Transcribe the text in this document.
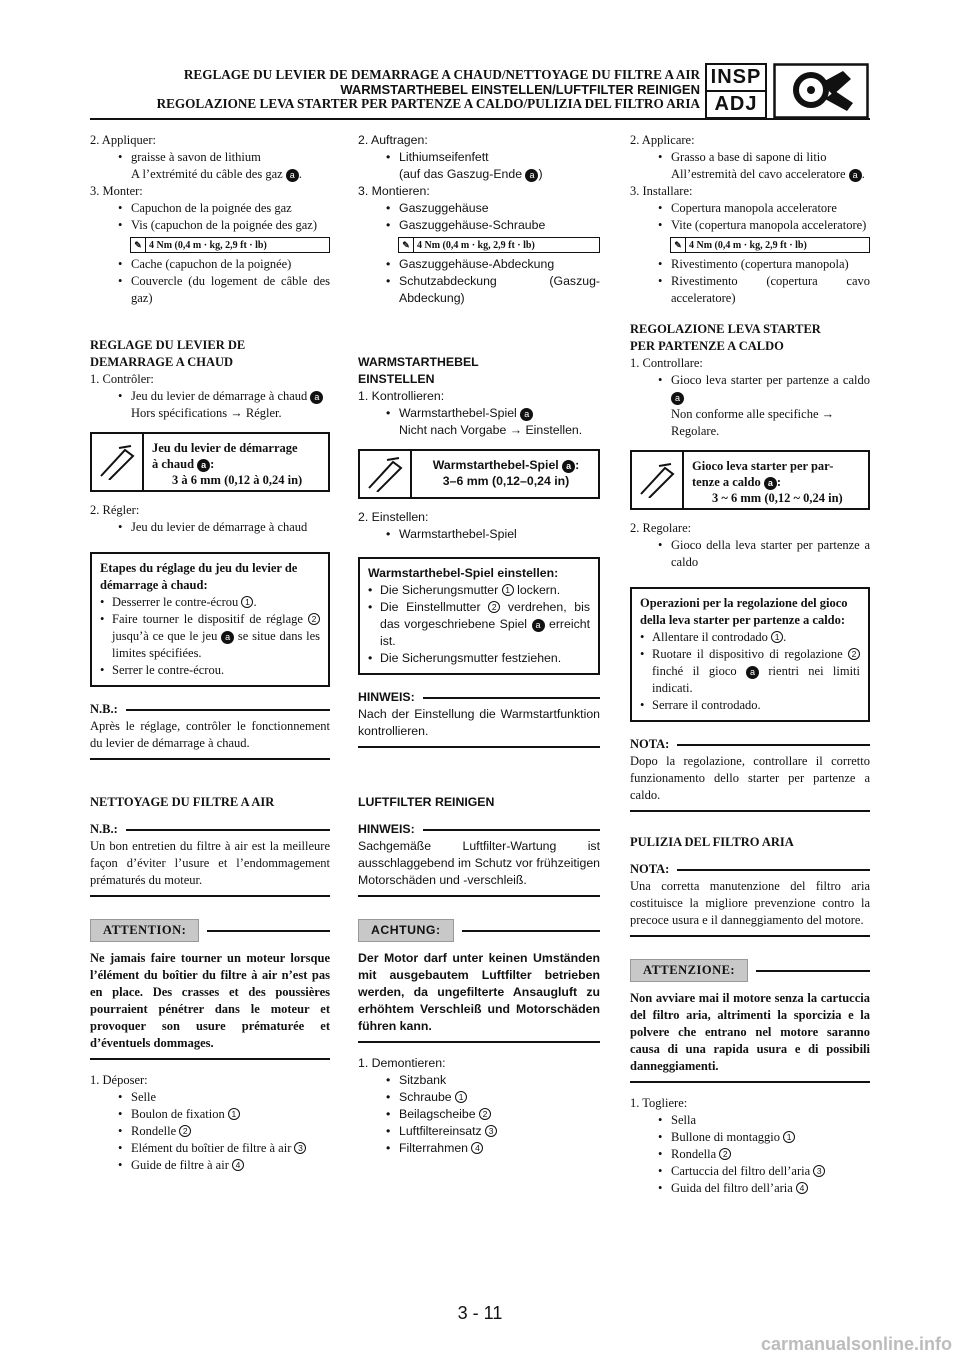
REGLAGE DU LEVIER DE DEMARRAGE A CHAUD/NETTOYAGE DU FILTRE A AIR
WARMSTARTHEBEL EINSTELLEN/LUFTFILTER REINIGEN
REGOLAZIONE LEVA STARTER PER PARTENZE A CALDO/PULIZIA DEL FILTRO ARIA
INSP
ADJ
2. Appliquer:
• graisse à savon de lithium
A l’extrémité du câble des gaz a .
3. Monter:
• Capuchon de la poignée des gaz
• Vis (capuchon de la poignée des gaz)
✎ 4 Nm (0,4 m · kg, 2,9 ft · lb)
• Cache (capuchon de la poignée)
• Couvercle (du logement de câble des gaz)
REGLAGE DU LEVIER DE
DEMARRAGE A CHAUD
1. Contrôler:
• Jeu du levier de démarrage à chaud a
Hors spécifications → Régler.
Jeu du levier de démarrage
à chaud a :
3 à 6 mm (0,12 à 0,24 in)
2. Régler:
• Jeu du levier de démarrage à chaud
Etapes du réglage du jeu du levier de démarrage à chaud:
• Desserrer le contre-écrou 1 .
• Faire tourner le dispositif de réglage 2 jusqu’à ce que le jeu a se situe dans les limites spécifiées.
• Serrer le contre-écrou.
N.B.:
Après le réglage, contrôler le fonctionnement du levier de démarrage à chaud.
NETTOYAGE DU FILTRE A AIR
N.B.:
Un bon entretien du filtre à air est la meilleure façon d’éviter l’usure et l’endommagement prématurés du moteur.
ATTENTION:
Ne jamais faire tourner un moteur lorsque l’élément du boîtier du filtre à air n’est pas en place. Des crasses et des poussières pourraient pénétrer dans le moteur et provoquer son usure prématurée et d’éventuels dommages.
1. Déposer:
• Selle
• Boulon de fixation 1
• Rondelle 2
• Elément du boîtier de filtre à air 3
• Guide de filtre à air 4
2. Auftragen:
• Lithiumseifenfett
(auf das Gaszug-Ende a )
3. Montieren:
• Gaszuggehäuse
• Gaszuggehäuse-Schraube
✎ 4 Nm (0,4 m · kg, 2,9 ft · lb)
• Gaszuggehäuse-Abdeckung
• Schutzabdeckung (Gaszug-Abdeckung)
WARMSTARTHEBEL
EINSTELLEN
1. Kontrollieren:
• Warmstarthebel-Spiel a
Nicht nach Vorgabe → Einstellen.
Warmstarthebel-Spiel a :
3–6 mm (0,12–0,24 in)
2. Einstellen:
• Warmstarthebel-Spiel
Warmstarthebel-Spiel einstellen:
• Die Sicherungsmutter 1 lockern.
• Die Einstellmutter 2 verdrehen, bis das vorgeschriebene Spiel a erreicht ist.
• Die Sicherungsmutter festziehen.
HINWEIS:
Nach der Einstellung die Warmstartfunktion kontrollieren.
LUFTFILTER REINIGEN
HINWEIS:
Sachgemäße Luftfilter-Wartung ist ausschlaggebend im Schutz vor frühzeitigen Motorschäden und -verschleiß.
ACHTUNG:
Der Motor darf unter keinen Umständen mit ausgebautem Luftfilter betrieben werden, da ungefilterte Ansaugluft zu erhöhtem Verschleiß und Motorschäden führen kann.
1. Demontieren:
• Sitzbank
• Schraube 1
• Beilagscheibe 2
• Luftfiltereinsatz 3
• Filterrahmen 4
2. Applicare:
• Grasso a base di sapone di litio
All’estremità del cavo acceleratore a .
3. Installare:
• Copertura manopola acceleratore
• Vite (copertura manopola acceleratore)
✎ 4 Nm (0,4 m · kg, 2,9 ft · lb)
• Rivestimento (copertura manopola)
• Rivestimento (copertura cavo acceleratore)
REGOLAZIONE LEVA STARTER
PER PARTENZE A CALDO
1. Controllare:
• Gioco leva starter per partenze a caldo a
Non conforme alle specifiche → Regolare.
Gioco leva starter per par-
tenze a caldo a :
3 ~ 6 mm (0,12 ~ 0,24 in)
2. Regolare:
• Gioco della leva starter per partenze a caldo
Operazioni per la regolazione del gioco della leva starter per partenze a caldo:
• Allentare il controdado 1 .
• Ruotare il dispositivo di regolazione 2 finché il gioco a rientri nei limiti indicati.
• Serrare il controdado.
NOTA:
Dopo la regolazione, controllare il corretto funzionamento dello starter per partenze a caldo.
PULIZIA DEL FILTRO ARIA
NOTA:
Una corretta manutenzione del filtro aria costituisce la migliore prevenzione contro la precoce usura e il danneggiamento del motore.
ATTENZIONE:
Non avviare mai il motore senza la cartuccia del filtro aria, altrimenti la sporcizia e la polvere che entrano nel motore saranno causa di una rapida usura e di possibili danneggiamenti.
1. Togliere:
• Sella
• Bullone di montaggio 1
• Rondella 2
• Cartuccia del filtro dell’aria 3
• Guida del filtro dell’aria 4
3 - 11
carmanualsonline.info
